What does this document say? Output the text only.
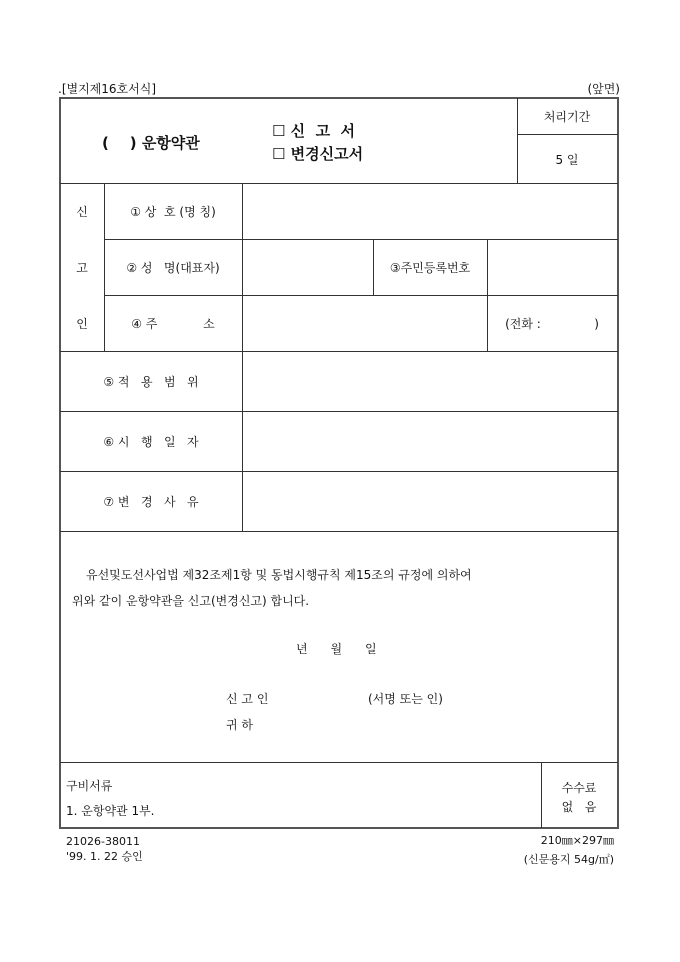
.[별지제16호서식]	(앞면)
(    ) 운항약관
☐ 신  고  서
☐ 변경신고서
처리기간
5 일
신
고
인
① 상  호 (명 칭)
② 성   명(대표자)	③주민등록번호
④ 주            소	(전화 :              )
⑤ 적   용   범   위
⑥ 시   행   일   자
⑦ 변   경   사   유
유선및도선사업법 제32조제1항 및 동법시행규칙 제15조의 규정에 의하여
위와 같이 운항약관을 신고(변경신고) 합니다.
년      월      일
신 고 인	(서명 또는 인)
귀 하
구비서류
1. 운항약관 1부.
수수료
없   음
21026-38011
'99. 1. 22 승인
210㎜×297㎜
(신문용지 54g/㎡)
